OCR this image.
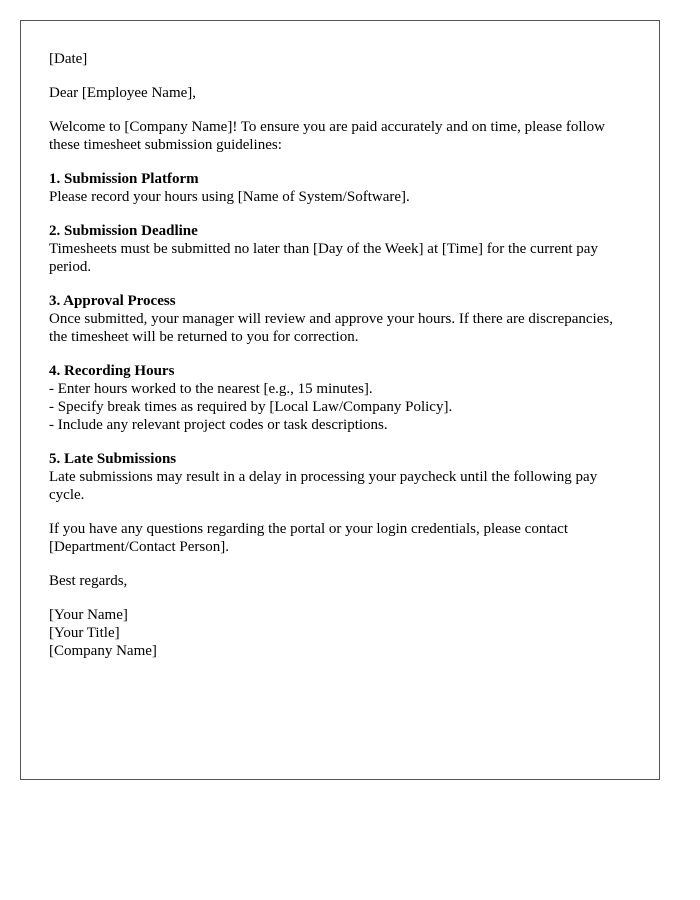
[Date]

Dear [Employee Name],

Welcome to [Company Name]! To ensure you are paid accurately and on time, please follow these timesheet submission guidelines:

1. Submission Platform
Please record your hours using [Name of System/Software].
2. Submission Deadline
Timesheets must be submitted no later than [Day of the Week] at [Time] for the current pay period.
3. Approval Process
Once submitted, your manager will review and approve your hours. If there are discrepancies, the timesheet will be returned to you for correction.
4. Recording Hours
- Enter hours worked to the nearest [e.g., 15 minutes].
- Specify break times as required by [Local Law/Company Policy].
- Include any relevant project codes or task descriptions.
5. Late Submissions
Late submissions may result in a delay in processing your paycheck until the following pay cycle.

If you have any questions regarding the portal or your login credentials, please contact [Department/Contact Person].

Best regards,

[Your Name]
[Your Title]
[Company Name]
